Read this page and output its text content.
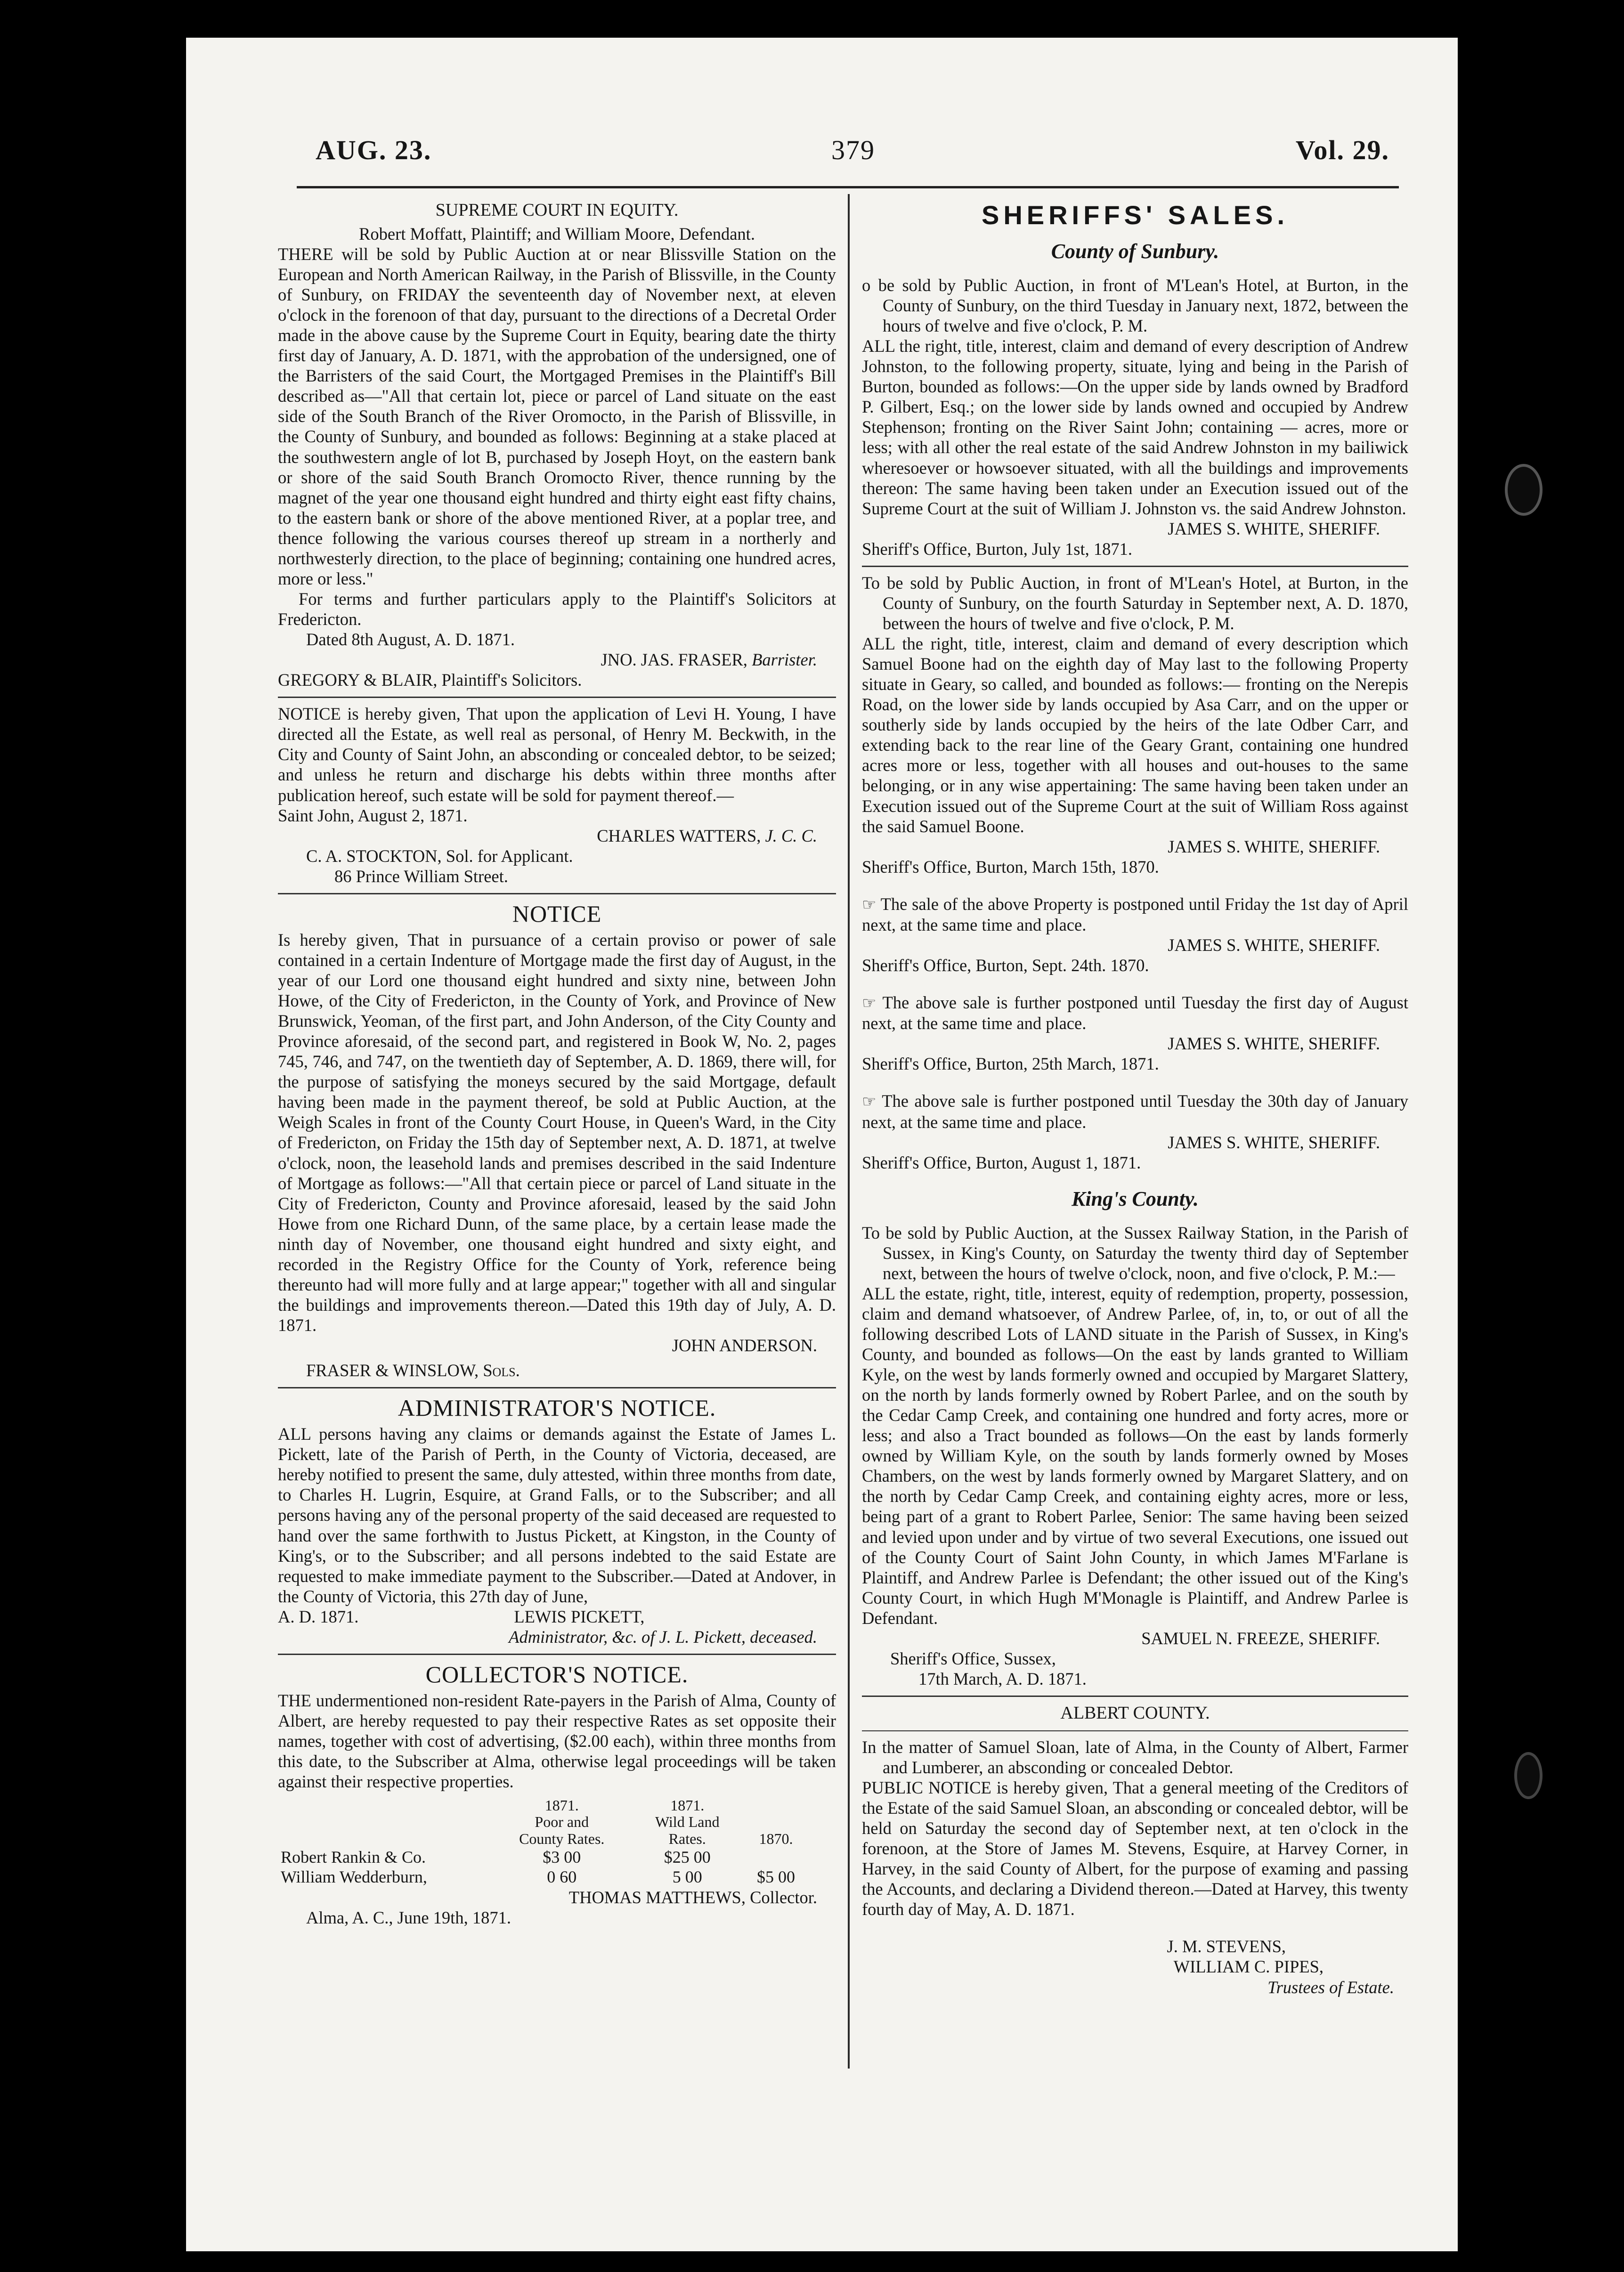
AUG. 23.	379	Vol. 29.

SUPREME COURT IN EQUITY.

Robert Moffatt, Plaintiff; and William Moore, Defendant.

THERE will be sold by Public Auction at or near Blissville Station on the European and North American Railway, in the Parish of Blissville, in the County of Sunbury, on FRIDAY the seventeenth day of November next, at eleven o'clock in the forenoon of that day, pursuant to the directions of a Decretal Order made in the above cause by the Supreme Court in Equity, bearing date the thirty first day of January, A. D. 1871, with the approbation of the undersigned, one of the Barristers of the said Court, the Mortgaged Premises in the Plaintiff's Bill described as—"All that certain lot, piece or parcel of Land situate on the east side of the South Branch of the River Oromocto, in the Parish of Blissville, in the County of Sunbury, and bounded as follows: Beginning at a stake placed at the southwestern angle of lot B, purchased by Joseph Hoyt, on the eastern bank or shore of the said South Branch Oromocto River, thence running by the magnet of the year one thousand eight hundred and thirty eight east fifty chains, to the eastern bank or shore of the above mentioned River, at a poplar tree, and thence following the various courses thereof up stream in a northerly and northwesterly direction, to the place of beginning; containing one hundred acres, more or less."

For terms and further particulars apply to the Plaintiff's Solicitors at Fredericton.

Dated 8th August, A. D. 1871.

JNO. JAS. FRASER, Barrister.

GREGORY & BLAIR, Plaintiff's Solicitors.

NOTICE is hereby given, That upon the application of Levi H. Young, I have directed all the Estate, as well real as personal, of Henry M. Beckwith, in the City and County of Saint John, an absconding or concealed debtor, to be seized; and unless he return and discharge his debts within three months after publication hereof, such estate will be sold for payment thereof.—

Saint John, August 2, 1871.

CHARLES WATTERS, J. C. C.

C. A. STOCKTON, Sol. for Applicant.

86 Prince William Street.

NOTICE

Is hereby given, That in pursuance of a certain proviso or power of sale contained in a certain Indenture of Mortgage made the first day of August, in the year of our Lord one thousand eight hundred and sixty nine, between John Howe, of the City of Fredericton, in the County of York, and Province of New Brunswick, Yeoman, of the first part, and John Anderson, of the City County and Province aforesaid, of the second part, and registered in Book W, No. 2, pages 745, 746, and 747, on the twentieth day of September, A. D. 1869, there will, for the purpose of satisfying the moneys secured by the said Mortgage, default having been made in the payment thereof, be sold at Public Auction, at the Weigh Scales in front of the County Court House, in Queen's Ward, in the City of Fredericton, on Friday the 15th day of September next, A. D. 1871, at twelve o'clock, noon, the leasehold lands and premises described in the said Indenture of Mortgage as follows:—"All that certain piece or parcel of Land situate in the City of Fredericton, County and Province aforesaid, leased by the said John Howe from one Richard Dunn, of the same place, by a certain lease made the ninth day of November, one thousand eight hundred and sixty eight, and recorded in the Registry Office for the County of York, reference being thereunto had will more fully and at large appear;" together with all and singular the buildings and improvements thereon.—Dated this 19th day of July, A. D. 1871.

JOHN ANDERSON.

FRASER & WINSLOW, Sols.

ADMINISTRATOR'S NOTICE.

ALL persons having any claims or demands against the Estate of James L. Pickett, late of the Parish of Perth, in the County of Victoria, deceased, are hereby notified to present the same, duly attested, within three months from date, to Charles H. Lugrin, Esquire, at Grand Falls, or to the Subscriber; and all persons having any of the personal property of the said deceased are requested to hand over the same forthwith to Justus Pickett, at Kingston, in the County of King's, or to the Subscriber; and all persons indebted to the said Estate are requested to make immediate payment to the Subscriber.—Dated at Andover, in the County of Victoria, this 27th day of June,

A. D. 1871.	LEWIS PICKETT,

Administrator, &c. of J. L. Pickett, deceased.

COLLECTOR'S NOTICE.

THE undermentioned non-resident Rate-payers in the Parish of Alma, County of Albert, are hereby requested to pay their respective Rates as set opposite their names, together with cost of advertising, ($2.00 each), within three months from this date, to the Subscriber at Alma, otherwise legal proceedings will be taken against their respective properties.

	1871.	1871.	
	Poor and
County Rates.	Wild Land
Rates.	1870.
Robert Rankin & Co.	$3 00	$25 00	
William Wedderburn,	0 60	5 00	$5 00

THOMAS MATTHEWS, Collector.

Alma, A. C., June 19th, 1871.

SHERIFFS' SALES.

County of Sunbury.

o be sold by Public Auction, in front of M'Lean's Hotel, at Burton, in the County of Sunbury, on the third Tuesday in January next, 1872, between the hours of twelve and five o'clock, P. M.

ALL the right, title, interest, claim and demand of every description of Andrew Johnston, to the following property, situate, lying and being in the Parish of Burton, bounded as follows:—On the upper side by lands owned by Bradford P. Gilbert, Esq.; on the lower side by lands owned and occupied by Andrew Stephenson; fronting on the River Saint John; containing — acres, more or less; with all other the real estate of the said Andrew Johnston in my bailiwick wheresoever or howsoever situated, with all the buildings and improvements thereon: The same having been taken under an Execution issued out of the Supreme Court at the suit of William J. Johnston vs. the said Andrew Johnston.

JAMES S. WHITE, SHERIFF.

Sheriff's Office, Burton, July 1st, 1871.

To be sold by Public Auction, in front of M'Lean's Hotel, at Burton, in the County of Sunbury, on the fourth Saturday in September next, A. D. 1870, between the hours of twelve and five o'clock, P. M.

ALL the right, title, interest, claim and demand of every description which Samuel Boone had on the eighth day of May last to the following Property situate in Geary, so called, and bounded as follows:— fronting on the Nerepis Road, on the lower side by lands occupied by Asa Carr, and on the upper or southerly side by lands occupied by the heirs of the late Odber Carr, and extending back to the rear line of the Geary Grant, containing one hundred acres more or less, together with all houses and out-houses to the same belonging, or in any wise appertaining: The same having been taken under an Execution issued out of the Supreme Court at the suit of William Ross against the said Samuel Boone.

JAMES S. WHITE, SHERIFF.

Sheriff's Office, Burton, March 15th, 1870.

☞ The sale of the above Property is postponed until Friday the 1st day of April next, at the same time and place.

JAMES S. WHITE, SHERIFF.

Sheriff's Office, Burton, Sept. 24th. 1870.

☞ The above sale is further postponed until Tuesday the first day of August next, at the same time and place.

JAMES S. WHITE, SHERIFF.

Sheriff's Office, Burton, 25th March, 1871.

☞ The above sale is further postponed until Tuesday the 30th day of January next, at the same time and place.

JAMES S. WHITE, SHERIFF.

Sheriff's Office, Burton, August 1, 1871.

King's County.

To be sold by Public Auction, at the Sussex Railway Station, in the Parish of Sussex, in King's County, on Saturday the twenty third day of September next, between the hours of twelve o'clock, noon, and five o'clock, P. M.:—

ALL the estate, right, title, interest, equity of redemption, property, possession, claim and demand whatsoever, of Andrew Parlee, of, in, to, or out of all the following described Lots of LAND situate in the Parish of Sussex, in King's County, and bounded as follows—On the east by lands granted to William Kyle, on the west by lands formerly owned and occupied by Margaret Slattery, on the north by lands formerly owned by Robert Parlee, and on the south by the Cedar Camp Creek, and containing one hundred and forty acres, more or less; and also a Tract bounded as follows—On the east by lands formerly owned by William Kyle, on the south by lands formerly owned by Moses Chambers, on the west by lands formerly owned by Margaret Slattery, and on the north by Cedar Camp Creek, and containing eighty acres, more or less, being part of a grant to Robert Parlee, Senior: The same having been seized and levied upon under and by virtue of two several Executions, one issued out of the County Court of Saint John County, in which James M'Farlane is Plaintiff, and Andrew Parlee is Defendant; the other issued out of the King's County Court, in which Hugh M'Monagle is Plaintiff, and Andrew Parlee is Defendant.

SAMUEL N. FREEZE, SHERIFF.

Sheriff's Office, Sussex,

17th March, A. D. 1871.

ALBERT COUNTY.

In the matter of Samuel Sloan, late of Alma, in the County of Albert, Farmer and Lumberer, an absconding or concealed Debtor.

PUBLIC NOTICE is hereby given, That a general meeting of the Creditors of the Estate of the said Samuel Sloan, an absconding or concealed debtor, will be held on Saturday the second day of September next, at ten o'clock in the forenoon, at the Store of James M. Stevens, Esquire, at Harvey Corner, in Harvey, in the said County of Albert, for the purpose of examing and passing the Accounts, and declaring a Dividend thereon.—Dated at Harvey, this twenty fourth day of May, A. D. 1871.

J. M. STEVENS,

WILLIAM C. PIPES,

Trustees of Estate.
